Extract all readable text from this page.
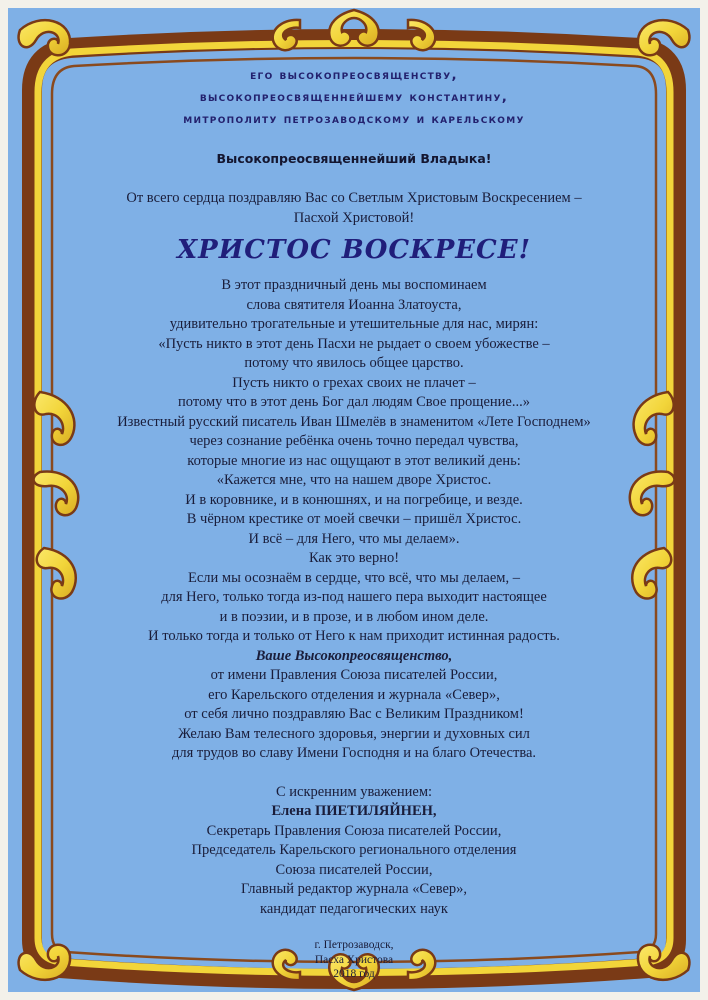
его высокопреосвященству,
высокопреосвященнейшему константину,
митрополиту петрозаводскому и карельскому
Высокопреосвященнейший Владыка!
От всего сердца поздравляю Вас со Светлым Христовым Воскресением –
Пасхой Христовой!
ХРИСТОС ВОСКРЕСЕ!
В этот праздничный день мы воспоминаем
слова святителя Иоанна Златоуста,
удивительно трогательные и утешительные для нас, мирян:
«Пусть никто в этот день Пасхи не рыдает о своем убожестве –
потому что явилось общее царство.
Пусть никто о грехах своих не плачет –
потому что в этот день Бог дал людям Свое прощение...»
Известный русский писатель Иван Шмелёв в знаменитом «Лете Господнем»
через сознание ребёнка очень точно передал чувства,
которые многие из нас ощущают в этот великий день:
«Кажется мне, что на нашем дворе Христос.
И в коровнике, и в конюшнях, и на погребице, и везде.
В чёрном крестике от моей свечки – пришёл Христос.
И всё – для Него, что мы делаем».
Как это верно!
Если мы осознаём в сердце, что всё, что мы делаем, –
для Него, только тогда из-под нашего пера выходит настоящее
и в поэзии, и в прозе, и в любом ином деле.
И только тогда и только от Него к нам приходит истинная радость.
Ваше Высокопреосвященство,
от имени Правления Союза писателей России,
его Карельского отделения и журнала «Север»,
от себя лично поздравляю Вас с Великим Праздником!
Желаю Вам телесного здоровья, энергии и духовных сил
для трудов во славу Имени Господня и на благо Отечества.
С искренним уважением:
Елена ПИЕТИЛЯЙНЕН,
Секретарь Правления Союза писателей России,
Председатель Карельского регионального отделения
Союза писателей России,
Главный редактор журнала «Север»,
кандидат педагогических наук
г. Петрозаводск,
Пасха Христова
2018 год
